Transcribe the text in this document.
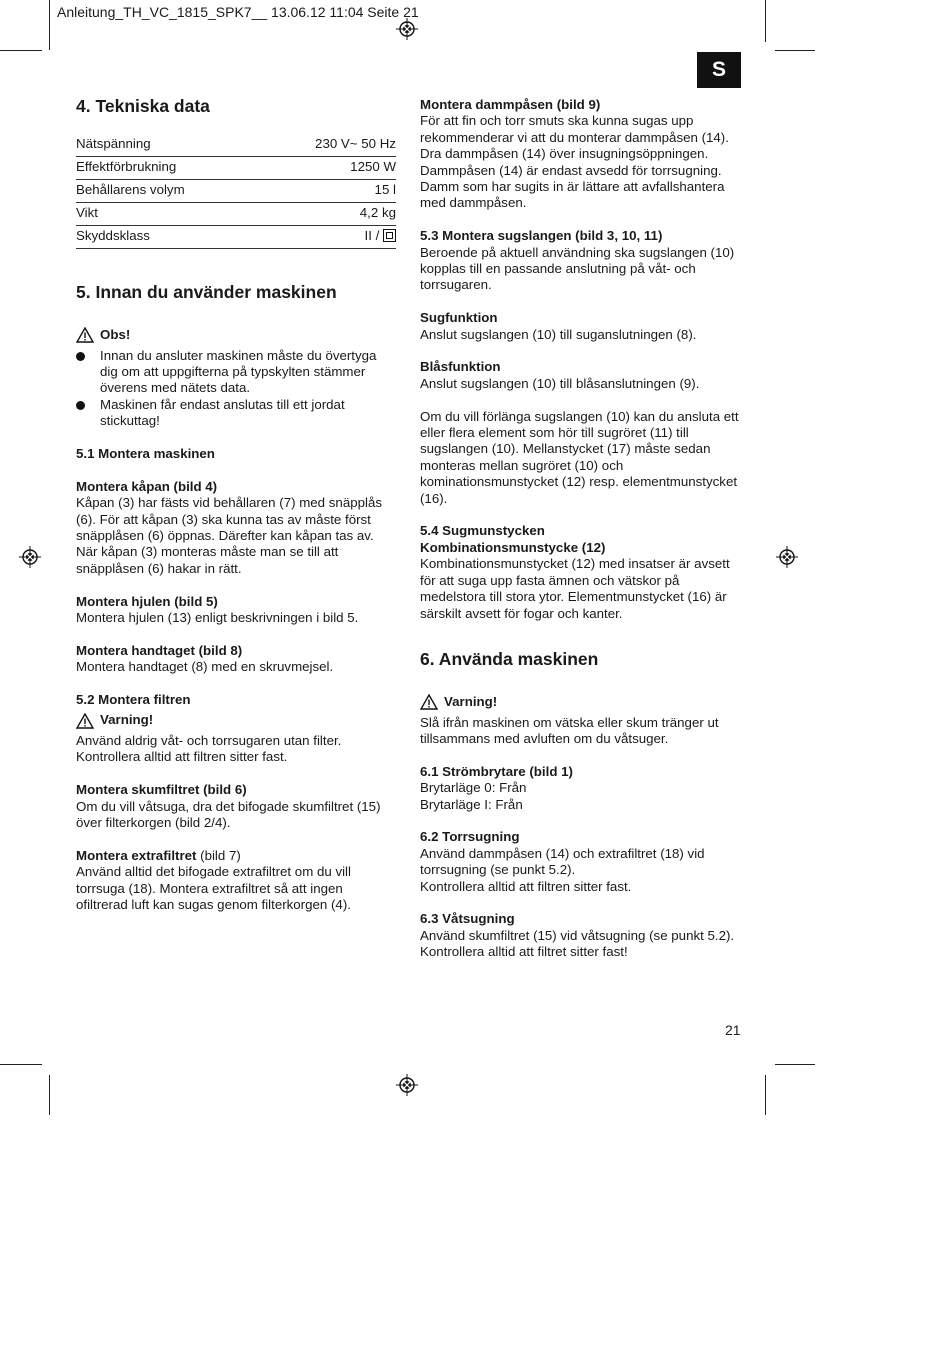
Anleitung_TH_VC_1815_SPK7__ 13.06.12 11:04 Seite 21
S

4. Tekniska data

Nätspänning	230 V~ 50 Hz
Effektförbrukning	1250 W
Behållarens volym	15 l
Vikt	4,2 kg
Skyddsklass	II /

5. Innan du använder maskinen

Obs!
Innan du ansluter maskinen måste du övertyga dig om att uppgifterna på typskylten stämmer överens med nätets data.
Maskinen får endast anslutas till ett jordat stickuttag!

5.1 Montera maskinen

Montera kåpan (bild 4)

Kåpan (3) har fästs vid behållaren (7) med snäpplås (6). För att kåpan (3) ska kunna tas av måste först snäpplåsen (6) öppnas. Därefter kan kåpan tas av. När kåpan (3) monteras måste man se till att snäpplåsen (6) hakar in rätt.

Montera hjulen (bild 5)

Montera hjulen (13) enligt beskrivningen i bild 5.

Montera handtaget (bild 8)

Montera handtaget (8) med en skruvmejsel.

5.2 Montera filtren

Varning!

Använd aldrig våt- och torrsugaren utan filter. Kontrollera alltid att filtren sitter fast.

Montera skumfiltret (bild 6)

Om du vill våtsuga, dra det bifogade skumfiltret (15) över filterkorgen (bild 2/4).

Montera extrafiltret (bild 7)

Använd alltid det bifogade extrafiltret om du vill torrsuga (18). Montera extrafiltret så att ingen ofiltrerad luft kan sugas genom filterkorgen (4).

Montera dammpåsen (bild 9)

För att fin och torr smuts ska kunna sugas upp rekommenderar vi att du monterar dammpåsen (14). Dra dammpåsen (14) över insugningsöppningen. Dammpåsen (14) är endast avsedd för torrsugning. Damm som har sugits in är lättare att avfallshantera med dammpåsen.

5.3 Montera sugslangen (bild 3, 10, 11)

Beroende på aktuell användning ska sugslangen (10) kopplas till en passande anslutning på våt- och torrsugaren.

Sugfunktion

Anslut sugslangen (10) till suganslutningen (8).

Blåsfunktion

Anslut sugslangen (10) till blåsanslutningen (9).

Om du vill förlänga sugslangen (10) kan du ansluta ett eller flera element som hör till sugröret (11) till sugslangen (10). Mellanstycket (17) måste sedan monteras mellan sugröret (10) och kominationsmunstycket (12) resp. elementmunstycket (16).

5.4 Sugmunstycken

Kombinationsmunstycke (12)

Kombinationsmunstycket (12) med insatser är avsett för att suga upp fasta ämnen och vätskor på medelstora till stora ytor. Elementmunstycket (16) är särskilt avsett för fogar och kanter.

6. Använda maskinen

Varning!

Slå ifrån maskinen om vätska eller skum tränger ut tillsammans med avluften om du våtsuger.

6.1 Strömbrytare (bild 1)

Brytarläge 0: Från

Brytarläge I: Från

6.2 Torrsugning

Använd dammpåsen (14) och extrafiltret (18) vid torrsugning (se punkt 5.2).

Kontrollera alltid att filtren sitter fast.

6.3 Våtsugning

Använd skumfiltret (15) vid våtsugning (se punkt 5.2).

Kontrollera alltid att filtret sitter fast!

21
